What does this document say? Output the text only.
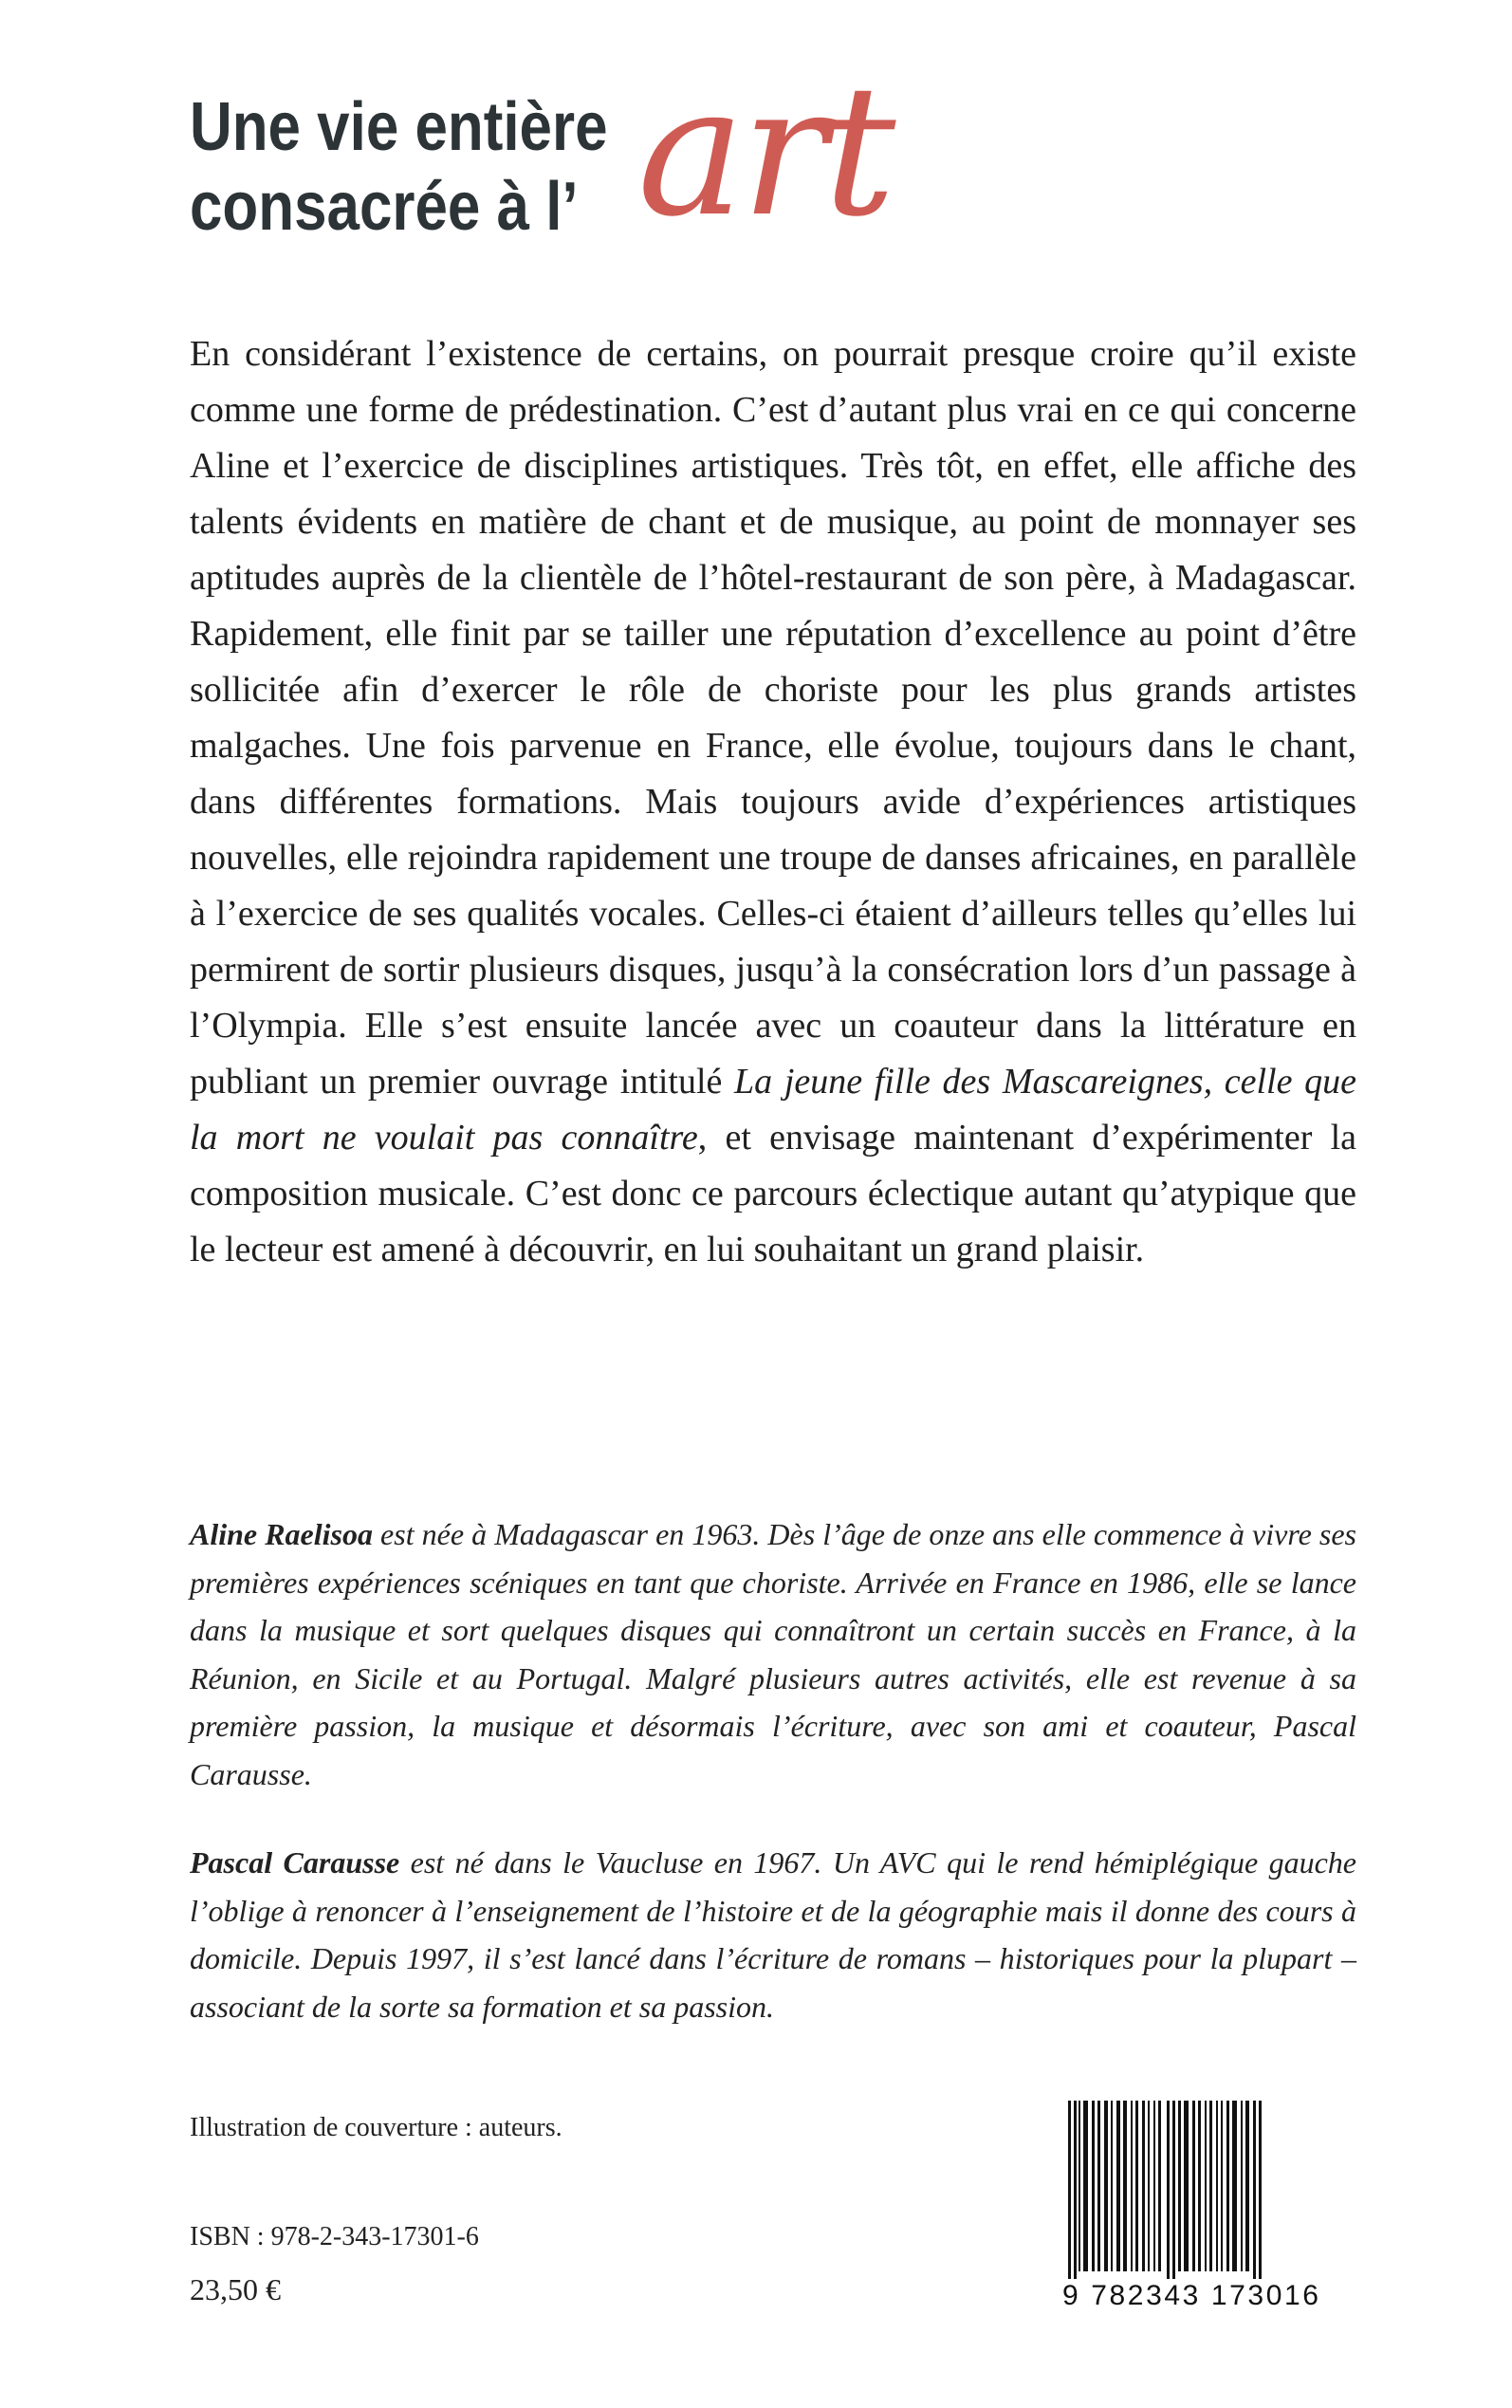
Une vie entière
consacrée à l’ art

En considérant l’existence de certains, on pourrait presque croire qu’il existe comme une forme de prédestination. C’est d’autant plus vrai en ce qui concerne Aline et l’exercice de disciplines artistiques. Très tôt, en effet, elle affiche des talents évidents en matière de chant et de musique, au point de monnayer ses aptitudes auprès de la clientèle de l’hôtel-restaurant de son père, à Madagascar. Rapidement, elle finit par se tailler une réputation d’excellence au point d’être sollicitée afin d’exercer le rôle de choriste pour les plus grands artistes malgaches. Une fois parvenue en France, elle évolue, toujours dans le chant, dans différentes formations. Mais toujours avide d’expériences artistiques nouvelles, elle rejoindra rapidement une troupe de danses africaines, en parallèle à l’exercice de ses qualités vocales. Celles-ci étaient d’ailleurs telles qu’elles lui permirent de sortir plusieurs disques, jusqu’à la consécration lors d’un passage à l’Olympia. Elle s’est ensuite lancée avec un coauteur dans la littérature en publiant un premier ouvrage intitulé La jeune fille des Mascareignes, celle que la mort ne voulait pas connaître, et envisage maintenant d’expérimenter la composition musicale. C’est donc ce parcours éclectique autant qu’atypique que le lecteur est amené à découvrir, en lui souhaitant un grand plaisir.

Aline Raelisoa est née à Madagascar en 1963. Dès l’âge de onze ans elle commence à vivre ses premières expériences scéniques en tant que choriste. Arrivée en France en 1986, elle se lance dans la musique et sort quelques disques qui connaîtront un certain succès en France, à la Réunion, en Sicile et au Portugal. Malgré plusieurs autres activités, elle est revenue à sa première passion, la musique et désormais l’écriture, avec son ami et coauteur, Pascal Carausse.

Pascal Carausse est né dans le Vaucluse en 1967. Un AVC qui le rend hémiplégique gauche l’oblige à renoncer à l’enseignement de l’histoire et de la géographie mais il donne des cours à domicile. Depuis 1997, il s’est lancé dans l’écriture de romans – historiques pour la plupart – associant de la sorte sa formation et sa passion.

Illustration de couverture : auteurs.

ISBN : 978-2-343-17301-6

23,50 €	9 782343 173016
